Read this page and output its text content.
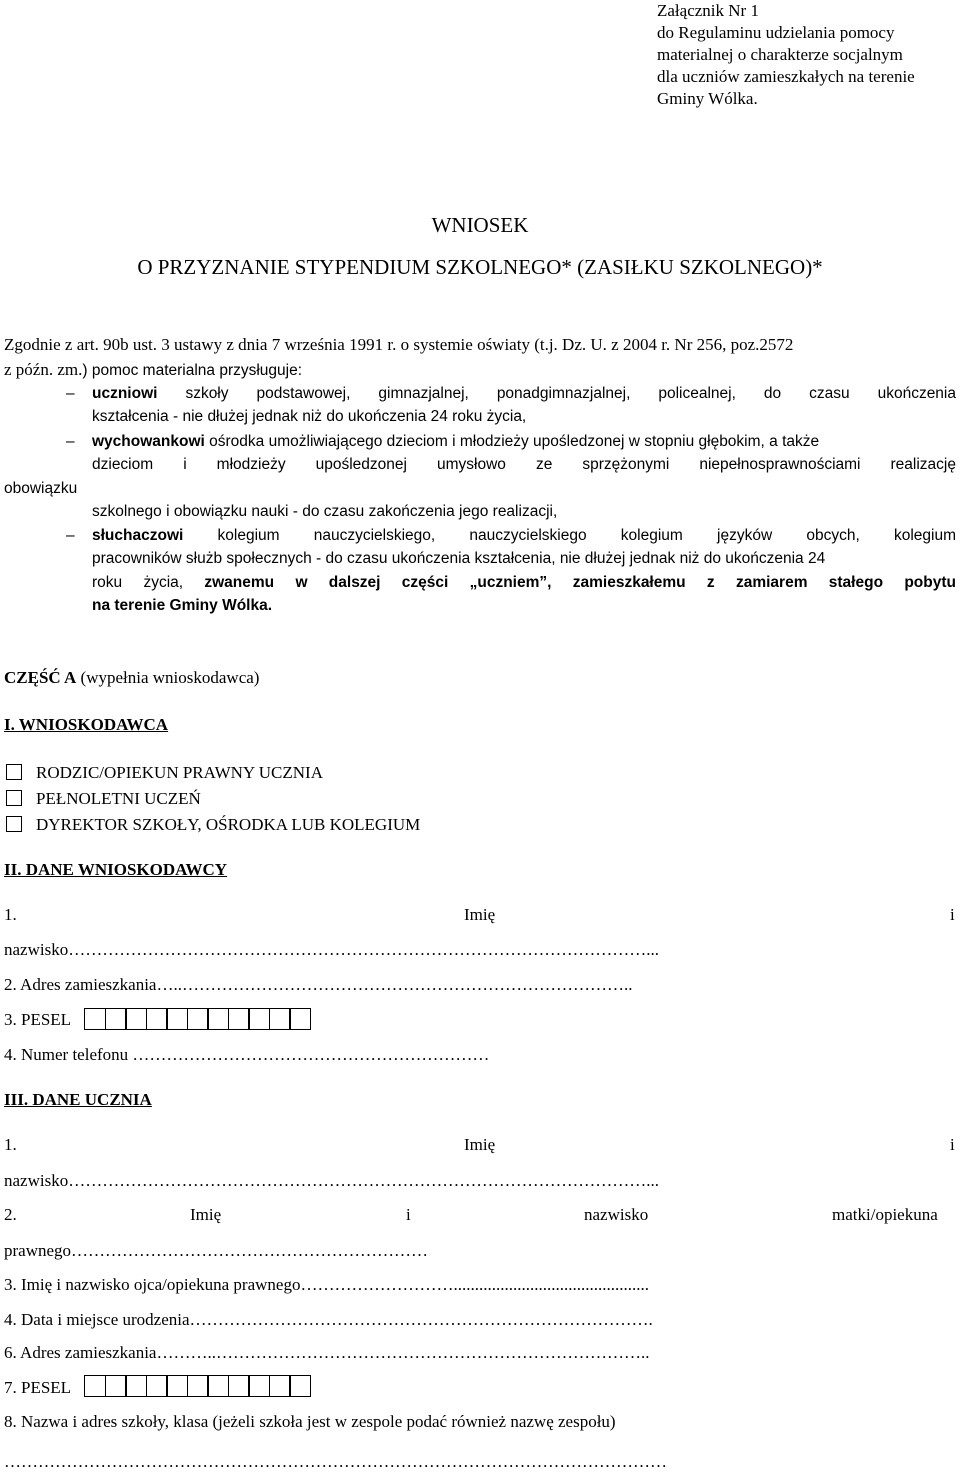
Załącznik Nr 1
do Regulaminu udzielania pomocy
materialnej o charakterze socjalnym
dla uczniów zamieszkałych na terenie
Gminy Wólka.
WNIOSEK
O PRZYZNANIE STYPENDIUM SZKOLNEGO* (ZASIŁKU SZKOLNEGO)*
Zgodnie z art. 90b ust. 3 ustawy z dnia 7 września 1991 r. o systemie oświaty (t.j. Dz. U. z 2004 r. Nr 256, poz.2572
z późn. zm.) pomoc materialna przysługuje:
– uczniowi szkoły podstawowej, gimnazjalnej, ponadgimnazjalnej, policealnej, do czasu ukończenia
kształcenia - nie dłużej jednak niż do ukończenia 24 roku życia,
– wychowankowi ośrodka umożliwiającego dzieciom i młodzieży upośledzonej w stopniu głębokim, a także
dzieciom i młodzieży upośledzonej umysłowo ze sprzężonymi niepełnosprawnościami realizację
obowiązku
szkolnego i obowiązku nauki - do czasu zakończenia jego realizacji,
– słuchaczowi kolegium nauczycielskiego, nauczycielskiego kolegium języków obcych, kolegium
pracowników służb społecznych - do czasu ukończenia kształcenia, nie dłużej jednak niż do ukończenia 24
roku życia, zwanemu w dalszej części „uczniem”, zamieszkałemu z zamiarem stałego pobytu
na terenie Gminy Wólka.
CZĘŚĆ A (wypełnia wnioskodawca)
I. WNIOSKODAWCA
RODZIC/OPIEKUN PRAWNY UCZNIA
PEŁNOLETNI UCZEŃ
DYREKTOR SZKOŁY, OŚRODKA LUB KOLEGIUM
II. DANE WNIOSKODAWCY
1.	Imię	i
nazwisko…………………………………………………………………………………………...
2. Adres zamieszkania…..……………………………………………………………………..
3. PESEL
4. Numer telefonu ………………………………………………………
III. DANE UCZNIA
1.	Imię	i
nazwisko…………………………………………………………………………………………...
2.	Imię	i	nazwisko	matki/opiekuna
prawnego………………………………………………………
3. Imię i nazwisko ojca/opiekuna prawnego………………………..............................................
4. Data i miejsce urodzenia……………………………………………………………………….
6. Adres zamieszkania………..…………………………………………………………………..
7. PESEL
8. Nazwa i adres szkoły, klasa (jeżeli szkoła jest w zespole podać również nazwę zespołu)
………………………………………………………………………………………………………
